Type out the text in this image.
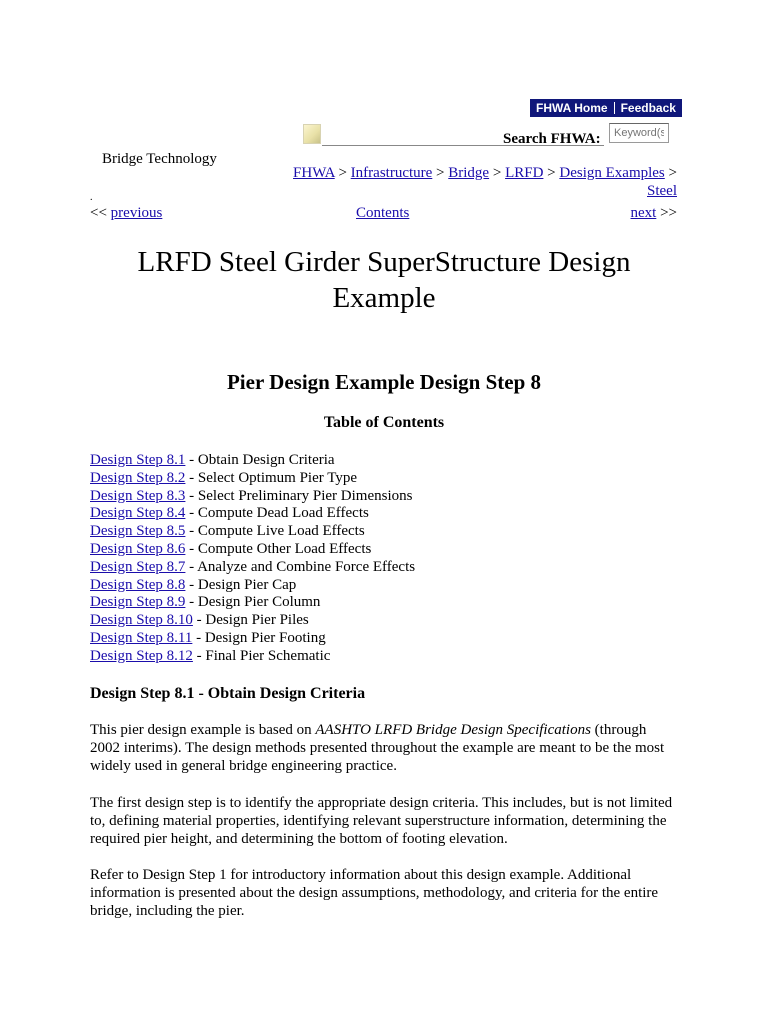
FHWA Home	Feedback
Search FHWA:
Keyword(s)
Bridge Technology
.
FHWA > Infrastructure > Bridge > LRFD > Design Examples >
Steel
<< previous	Contents	next >>
LRFD Steel Girder SuperStructure Design Example
Pier Design Example Design Step 8
Table of Contents
Design Step 8.1 - Obtain Design Criteria
Design Step 8.2 - Select Optimum Pier Type
Design Step 8.3 - Select Preliminary Pier Dimensions
Design Step 8.4 - Compute Dead Load Effects
Design Step 8.5 - Compute Live Load Effects
Design Step 8.6 - Compute Other Load Effects
Design Step 8.7 - Analyze and Combine Force Effects
Design Step 8.8 - Design Pier Cap
Design Step 8.9 - Design Pier Column
Design Step 8.10 - Design Pier Piles
Design Step 8.11 - Design Pier Footing
Design Step 8.12 - Final Pier Schematic
Design Step 8.1 - Obtain Design Criteria

This pier design example is based on AASHTO LRFD Bridge Design Specifications (through 2002 interims). The design methods presented throughout the example are meant to be the most widely used in general bridge engineering practice.

The first design step is to identify the appropriate design criteria. This includes, but is not limited to, defining material properties, identifying relevant superstructure information, determining the required pier height, and determining the bottom of footing elevation.

Refer to Design Step 1 for introductory information about this design example. Additional information is presented about the design assumptions, methodology, and criteria for the entire bridge, including the pier.
